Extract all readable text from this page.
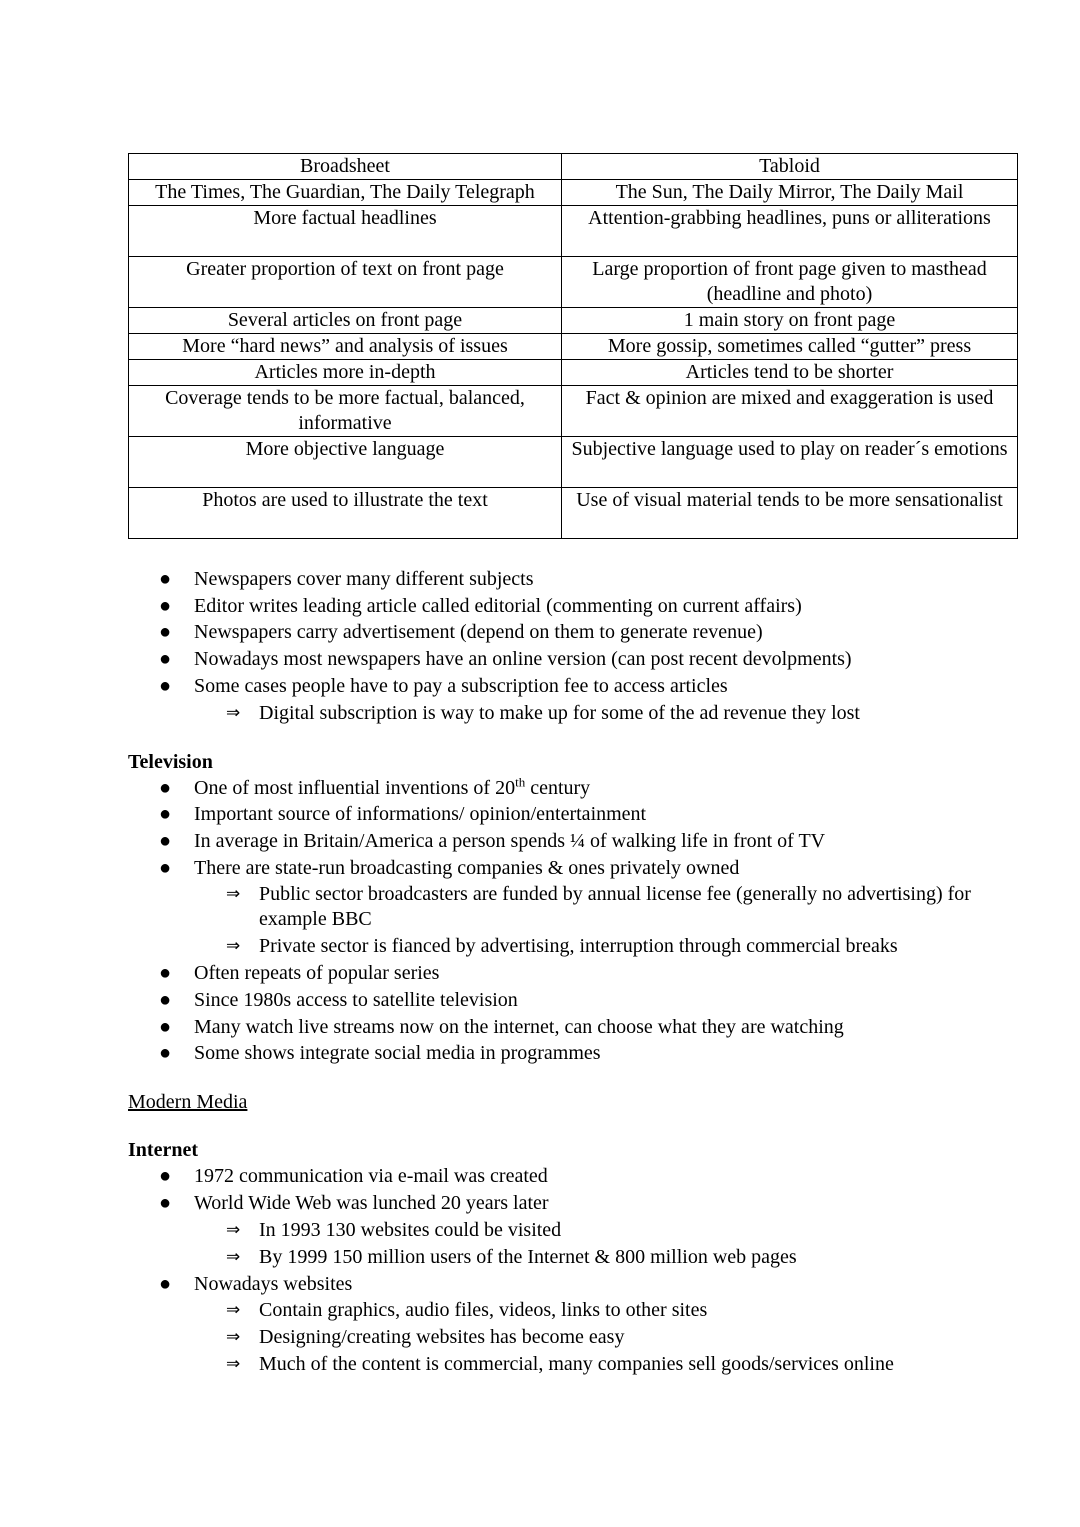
Broadsheet	Tabloid
The Times, The Guardian, The Daily Telegraph	The Sun, The Daily Mirror, The Daily Mail
More factual headlines	Attention-grabbing headlines, puns or alliterations
Greater proportion of text on front page	Large proportion of front page given to masthead (headline and photo)
Several articles on front page	1 main story on front page
More “hard news” and analysis of issues	More gossip, sometimes called “gutter” press
Articles more in-depth	Articles tend to be shorter
Coverage tends to be more factual, balanced, informative	Fact & opinion are mixed and exaggeration is used
More objective language	Subjective language used to play on reader´s emotions
Photos are used to illustrate the text	Use of visual material tends to be more sensationalist
● Newspapers cover many different subjects
● Editor writes leading article called editorial (commenting on current affairs)
● Newspapers carry advertisement (depend on them to generate revenue)
● Nowadays most newspapers have an online version (can post recent devolpments)
● Some cases people have to pay a subscription fee to access articles
⇒ Digital subscription is way to make up for some of the ad revenue they lost
Television
● One of most influential inventions of 20th century
● Important source of informations/ opinion/entertainment
● In average in Britain/America a person spends ¼ of walking life in front of TV
● There are state-run broadcasting companies & ones privately owned
⇒ Public sector broadcasters are funded by annual license fee (generally no advertising) for example BBC
⇒ Private sector is fianced by advertising, interruption through commercial breaks
● Often repeats of popular series
● Since 1980s access to satellite television
● Many watch live streams now on the internet, can choose what they are watching
● Some shows integrate social media in programmes
Modern Media
Internet
● 1972 communication via e-mail was created
● World Wide Web was lunched 20 years later
⇒ In 1993 130 websites could be visited
⇒ By 1999 150 million users of the Internet & 800 million web pages
● Nowadays websites
⇒ Contain graphics, audio files, videos, links to other sites
⇒ Designing/creating websites has become easy
⇒ Much of the content is commercial, many companies sell goods/services online
